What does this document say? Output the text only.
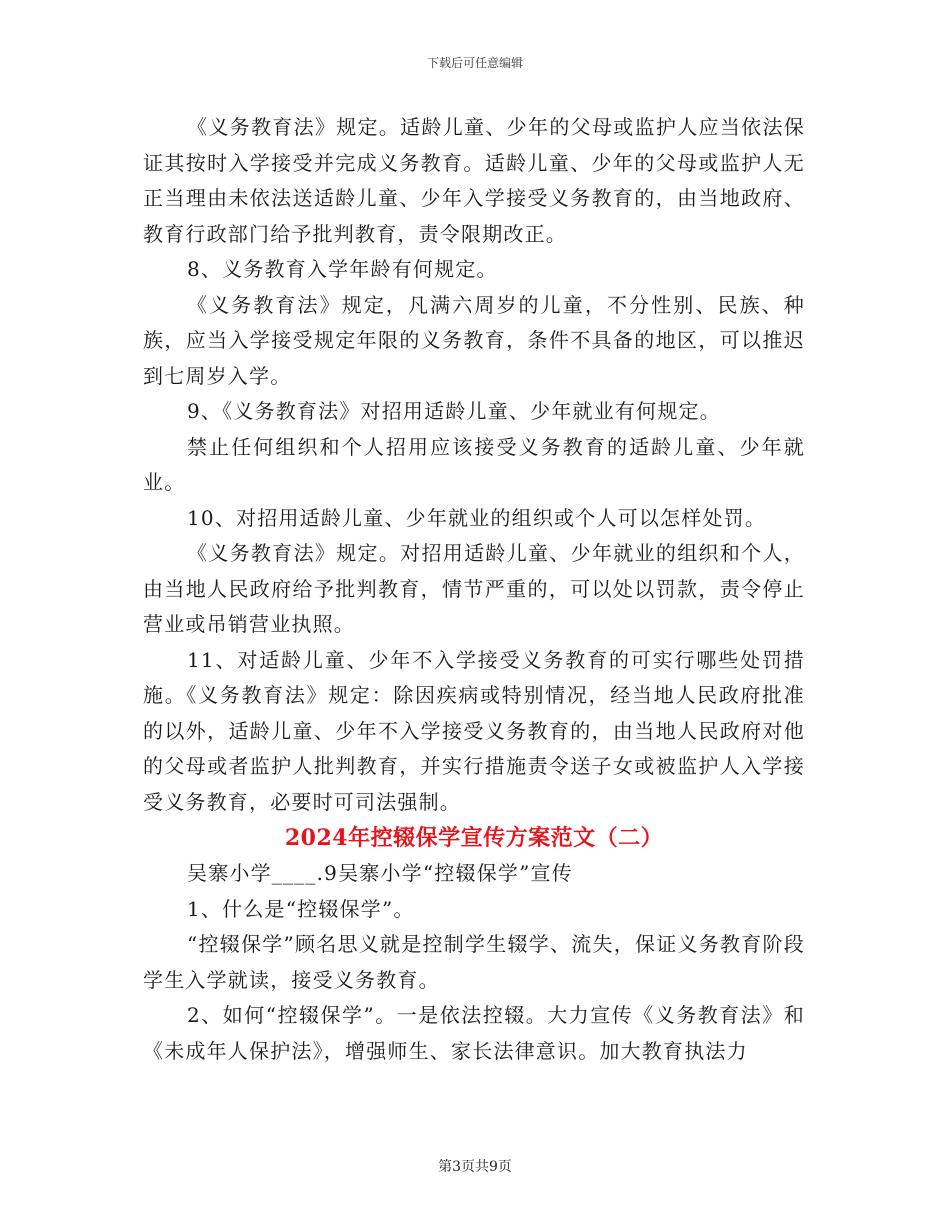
下载后可任意编辑

《义务教育法》规定。适龄儿童、少年的父母或监护人应当依法保证其按时入学接受并完成义务教育。适龄儿童、少年的父母或监护人无正当理由未依法送适龄儿童、少年入学接受义务教育的，由当地政府、教育行政部门给予批判教育，责令限期改正。

8、义务教育入学年龄有何规定。

《义务教育法》规定，凡满六周岁的儿童，不分性别、民族、种族，应当入学接受规定年限的义务教育，条件不具备的地区，可以推迟到七周岁入学。

9、《义务教育法》对招用适龄儿童、少年就业有何规定。

禁止任何组织和个人招用应该接受义务教育的适龄儿童、少年就业。

10、对招用适龄儿童、少年就业的组织或个人可以怎样处罚。

《义务教育法》规定。对招用适龄儿童、少年就业的组织和个人，由当地人民政府给予批判教育，情节严重的，可以处以罚款，责令停止营业或吊销营业执照。

11、对适龄儿童、少年不入学接受义务教育的可实行哪些处罚措施。《义务教育法》规定：除因疾病或特别情况，经当地人民政府批准的以外，适龄儿童、少年不入学接受义务教育的，由当地人民政府对他的父母或者监护人批判教育，并实行措施责令送子女或被监护人入学接受义务教育，必要时可司法强制。

2024年控辍保学宣传方案范文（二）

吴寨小学____.9吴寨小学“控辍保学”宣传

1、什么是“控辍保学”。

“控辍保学”顾名思义就是控制学生辍学、流失，保证义务教育阶段学生入学就读，接受义务教育。

2、如何“控辍保学”。一是依法控辍。大力宣传《义务教育法》和《未成年人保护法》，增强师生、家长法律意识。加大教育执法力

第3页共9页
